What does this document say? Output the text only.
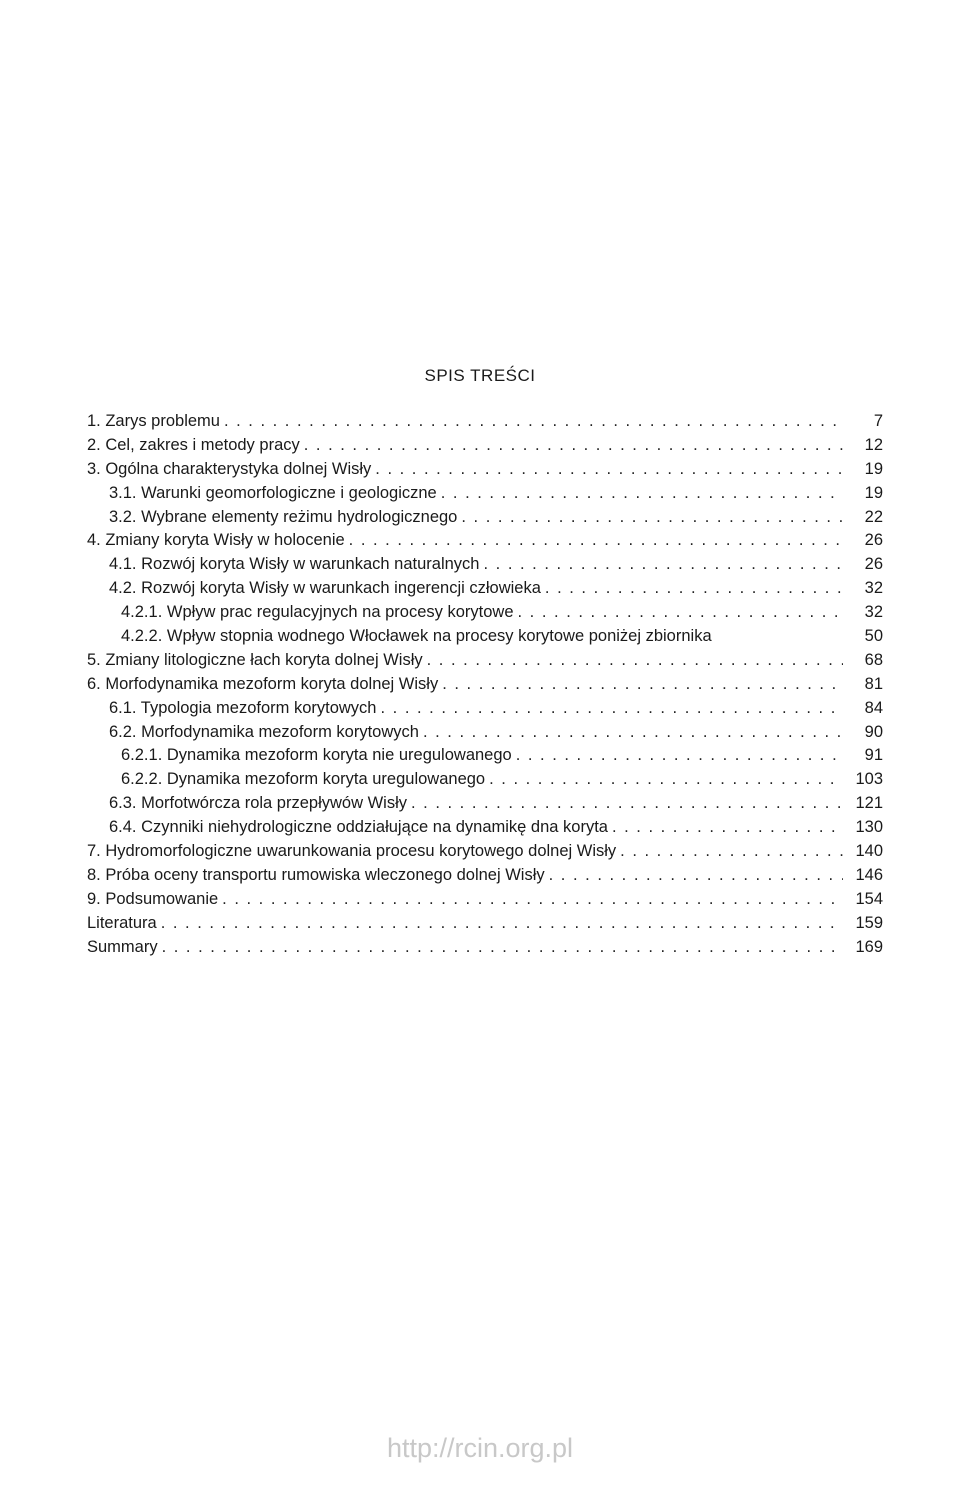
SPIS TREŚCI
1. Zarys problemu . . .	7
2. Cel, zakres i metody pracy . . .	12
3. Ogólna charakterystyka dolnej Wisły . . .	19
3.1. Warunki geomorfologiczne i geologiczne . . .	19
3.2. Wybrane elementy reżimu hydrologicznego . . .	22
4. Zmiany koryta Wisły w holocenie . . .	26
4.1. Rozwój koryta Wisły w warunkach naturalnych . . .	26
4.2. Rozwój koryta Wisły w warunkach ingerencji człowieka . . .	32
4.2.1. Wpływ prac regulacyjnych na procesy korytowe . . .	32
4.2.2. Wpływ stopnia wodnego Włocławek na procesy korytowe poniżej zbiornika	50
5. Zmiany litologiczne łach koryta dolnej Wisły . . .	68
6. Morfodynamika mezoform koryta dolnej Wisły . . .	81
6.1. Typologia mezoform korytowych . . .	84
6.2. Morfodynamika mezoform korytowych . . .	90
6.2.1. Dynamika mezoform koryta nie uregulowanego . . .	91
6.2.2. Dynamika mezoform koryta uregulowanego . . .	103
6.3. Morfotwórcza rola przepływów Wisły . . .	121
6.4. Czynniki niehydrologiczne oddziałujące na dynamikę dna koryta . . .	130
7. Hydromorfologiczne uwarunkowania procesu korytowego dolnej Wisły . . .	140
8. Próba oceny transportu rumowiska wleczonego dolnej Wisły . . .	146
9. Podsumowanie . . .	154
Literatura . . .	159
Summary . . .	169
http://rcin.org.pl
